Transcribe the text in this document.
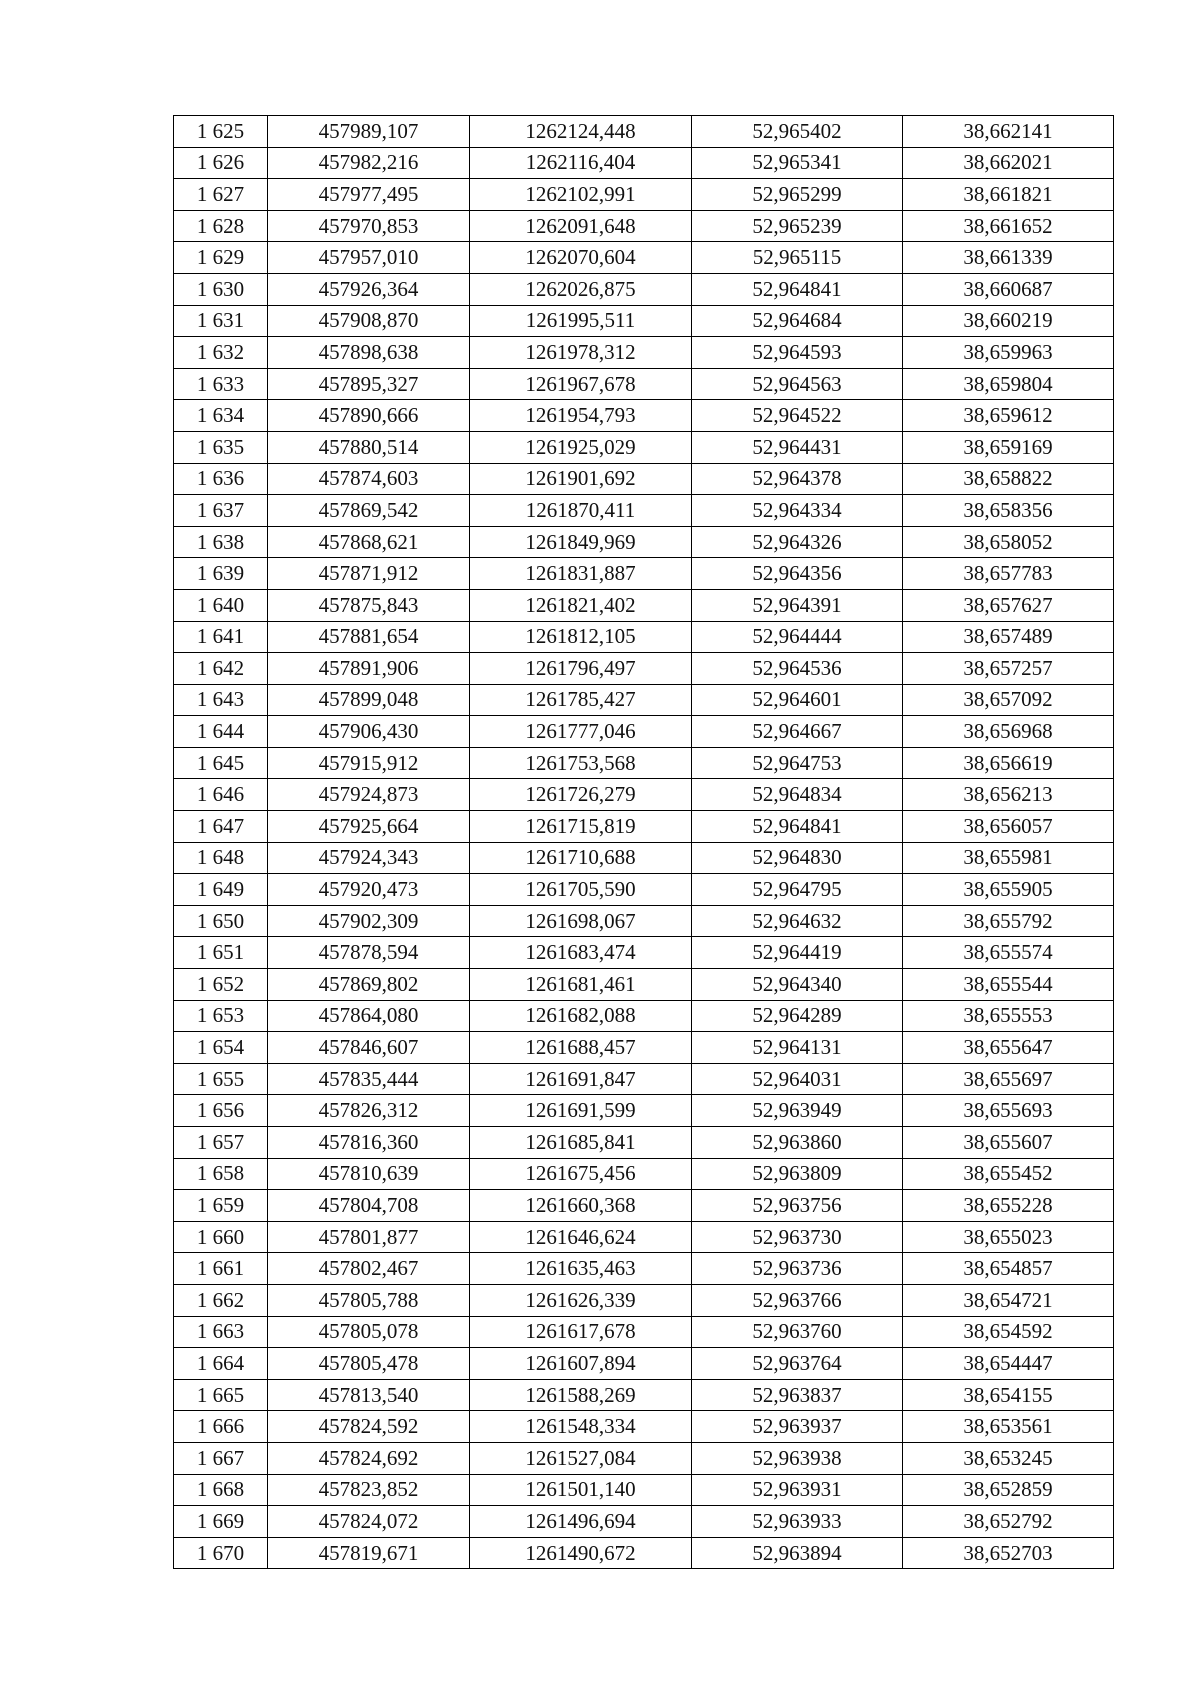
1 625	457989,107	1262124,448	52,965402	38,662141
1 626	457982,216	1262116,404	52,965341	38,662021
1 627	457977,495	1262102,991	52,965299	38,661821
1 628	457970,853	1262091,648	52,965239	38,661652
1 629	457957,010	1262070,604	52,965115	38,661339
1 630	457926,364	1262026,875	52,964841	38,660687
1 631	457908,870	1261995,511	52,964684	38,660219
1 632	457898,638	1261978,312	52,964593	38,659963
1 633	457895,327	1261967,678	52,964563	38,659804
1 634	457890,666	1261954,793	52,964522	38,659612
1 635	457880,514	1261925,029	52,964431	38,659169
1 636	457874,603	1261901,692	52,964378	38,658822
1 637	457869,542	1261870,411	52,964334	38,658356
1 638	457868,621	1261849,969	52,964326	38,658052
1 639	457871,912	1261831,887	52,964356	38,657783
1 640	457875,843	1261821,402	52,964391	38,657627
1 641	457881,654	1261812,105	52,964444	38,657489
1 642	457891,906	1261796,497	52,964536	38,657257
1 643	457899,048	1261785,427	52,964601	38,657092
1 644	457906,430	1261777,046	52,964667	38,656968
1 645	457915,912	1261753,568	52,964753	38,656619
1 646	457924,873	1261726,279	52,964834	38,656213
1 647	457925,664	1261715,819	52,964841	38,656057
1 648	457924,343	1261710,688	52,964830	38,655981
1 649	457920,473	1261705,590	52,964795	38,655905
1 650	457902,309	1261698,067	52,964632	38,655792
1 651	457878,594	1261683,474	52,964419	38,655574
1 652	457869,802	1261681,461	52,964340	38,655544
1 653	457864,080	1261682,088	52,964289	38,655553
1 654	457846,607	1261688,457	52,964131	38,655647
1 655	457835,444	1261691,847	52,964031	38,655697
1 656	457826,312	1261691,599	52,963949	38,655693
1 657	457816,360	1261685,841	52,963860	38,655607
1 658	457810,639	1261675,456	52,963809	38,655452
1 659	457804,708	1261660,368	52,963756	38,655228
1 660	457801,877	1261646,624	52,963730	38,655023
1 661	457802,467	1261635,463	52,963736	38,654857
1 662	457805,788	1261626,339	52,963766	38,654721
1 663	457805,078	1261617,678	52,963760	38,654592
1 664	457805,478	1261607,894	52,963764	38,654447
1 665	457813,540	1261588,269	52,963837	38,654155
1 666	457824,592	1261548,334	52,963937	38,653561
1 667	457824,692	1261527,084	52,963938	38,653245
1 668	457823,852	1261501,140	52,963931	38,652859
1 669	457824,072	1261496,694	52,963933	38,652792
1 670	457819,671	1261490,672	52,963894	38,652703
